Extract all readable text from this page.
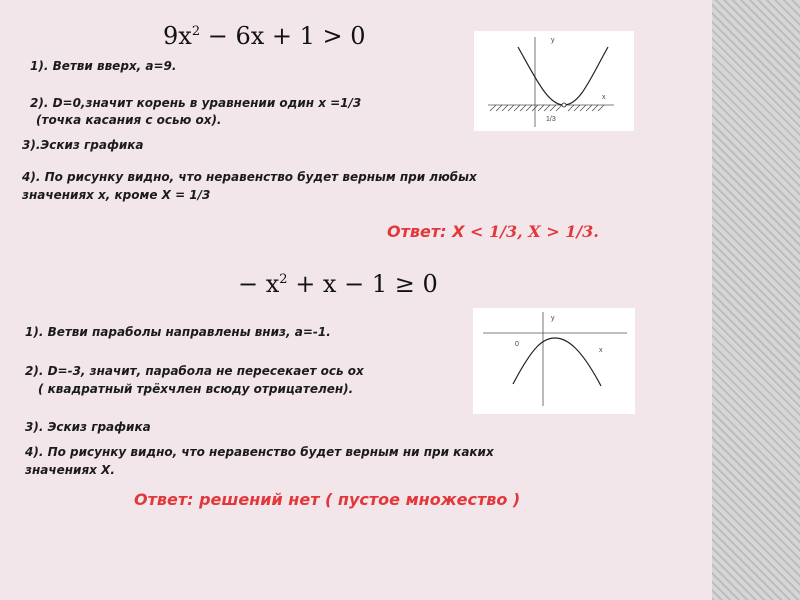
$9x^2 - 6x + 1 > 0$
1). Ветви вверх, а=9.
2). D=0,значит корень в уравнении один х =1/3
(точка касания с осью ох).
3).Эскиз графика
4). По рисунку видно, что неравенство будет верным при любых
значениях х, кроме Х = 1/3
Ответ: Х < 1/3, X > 1/3.
у
х
1/3
− $x^2 + x - 1 \ge 0$
1). Ветви параболы направлены вниз, а=-1.
2). D=-3, значит, парабола не пересекает ось ох
( квадратный трёхчлен всюду отрицателен).
3). Эскиз графика
4). По рисунку видно, что неравенство будет верным ни при каких
значениях Х.
Ответ: решений нет ( пустое множество )
у
х
0
